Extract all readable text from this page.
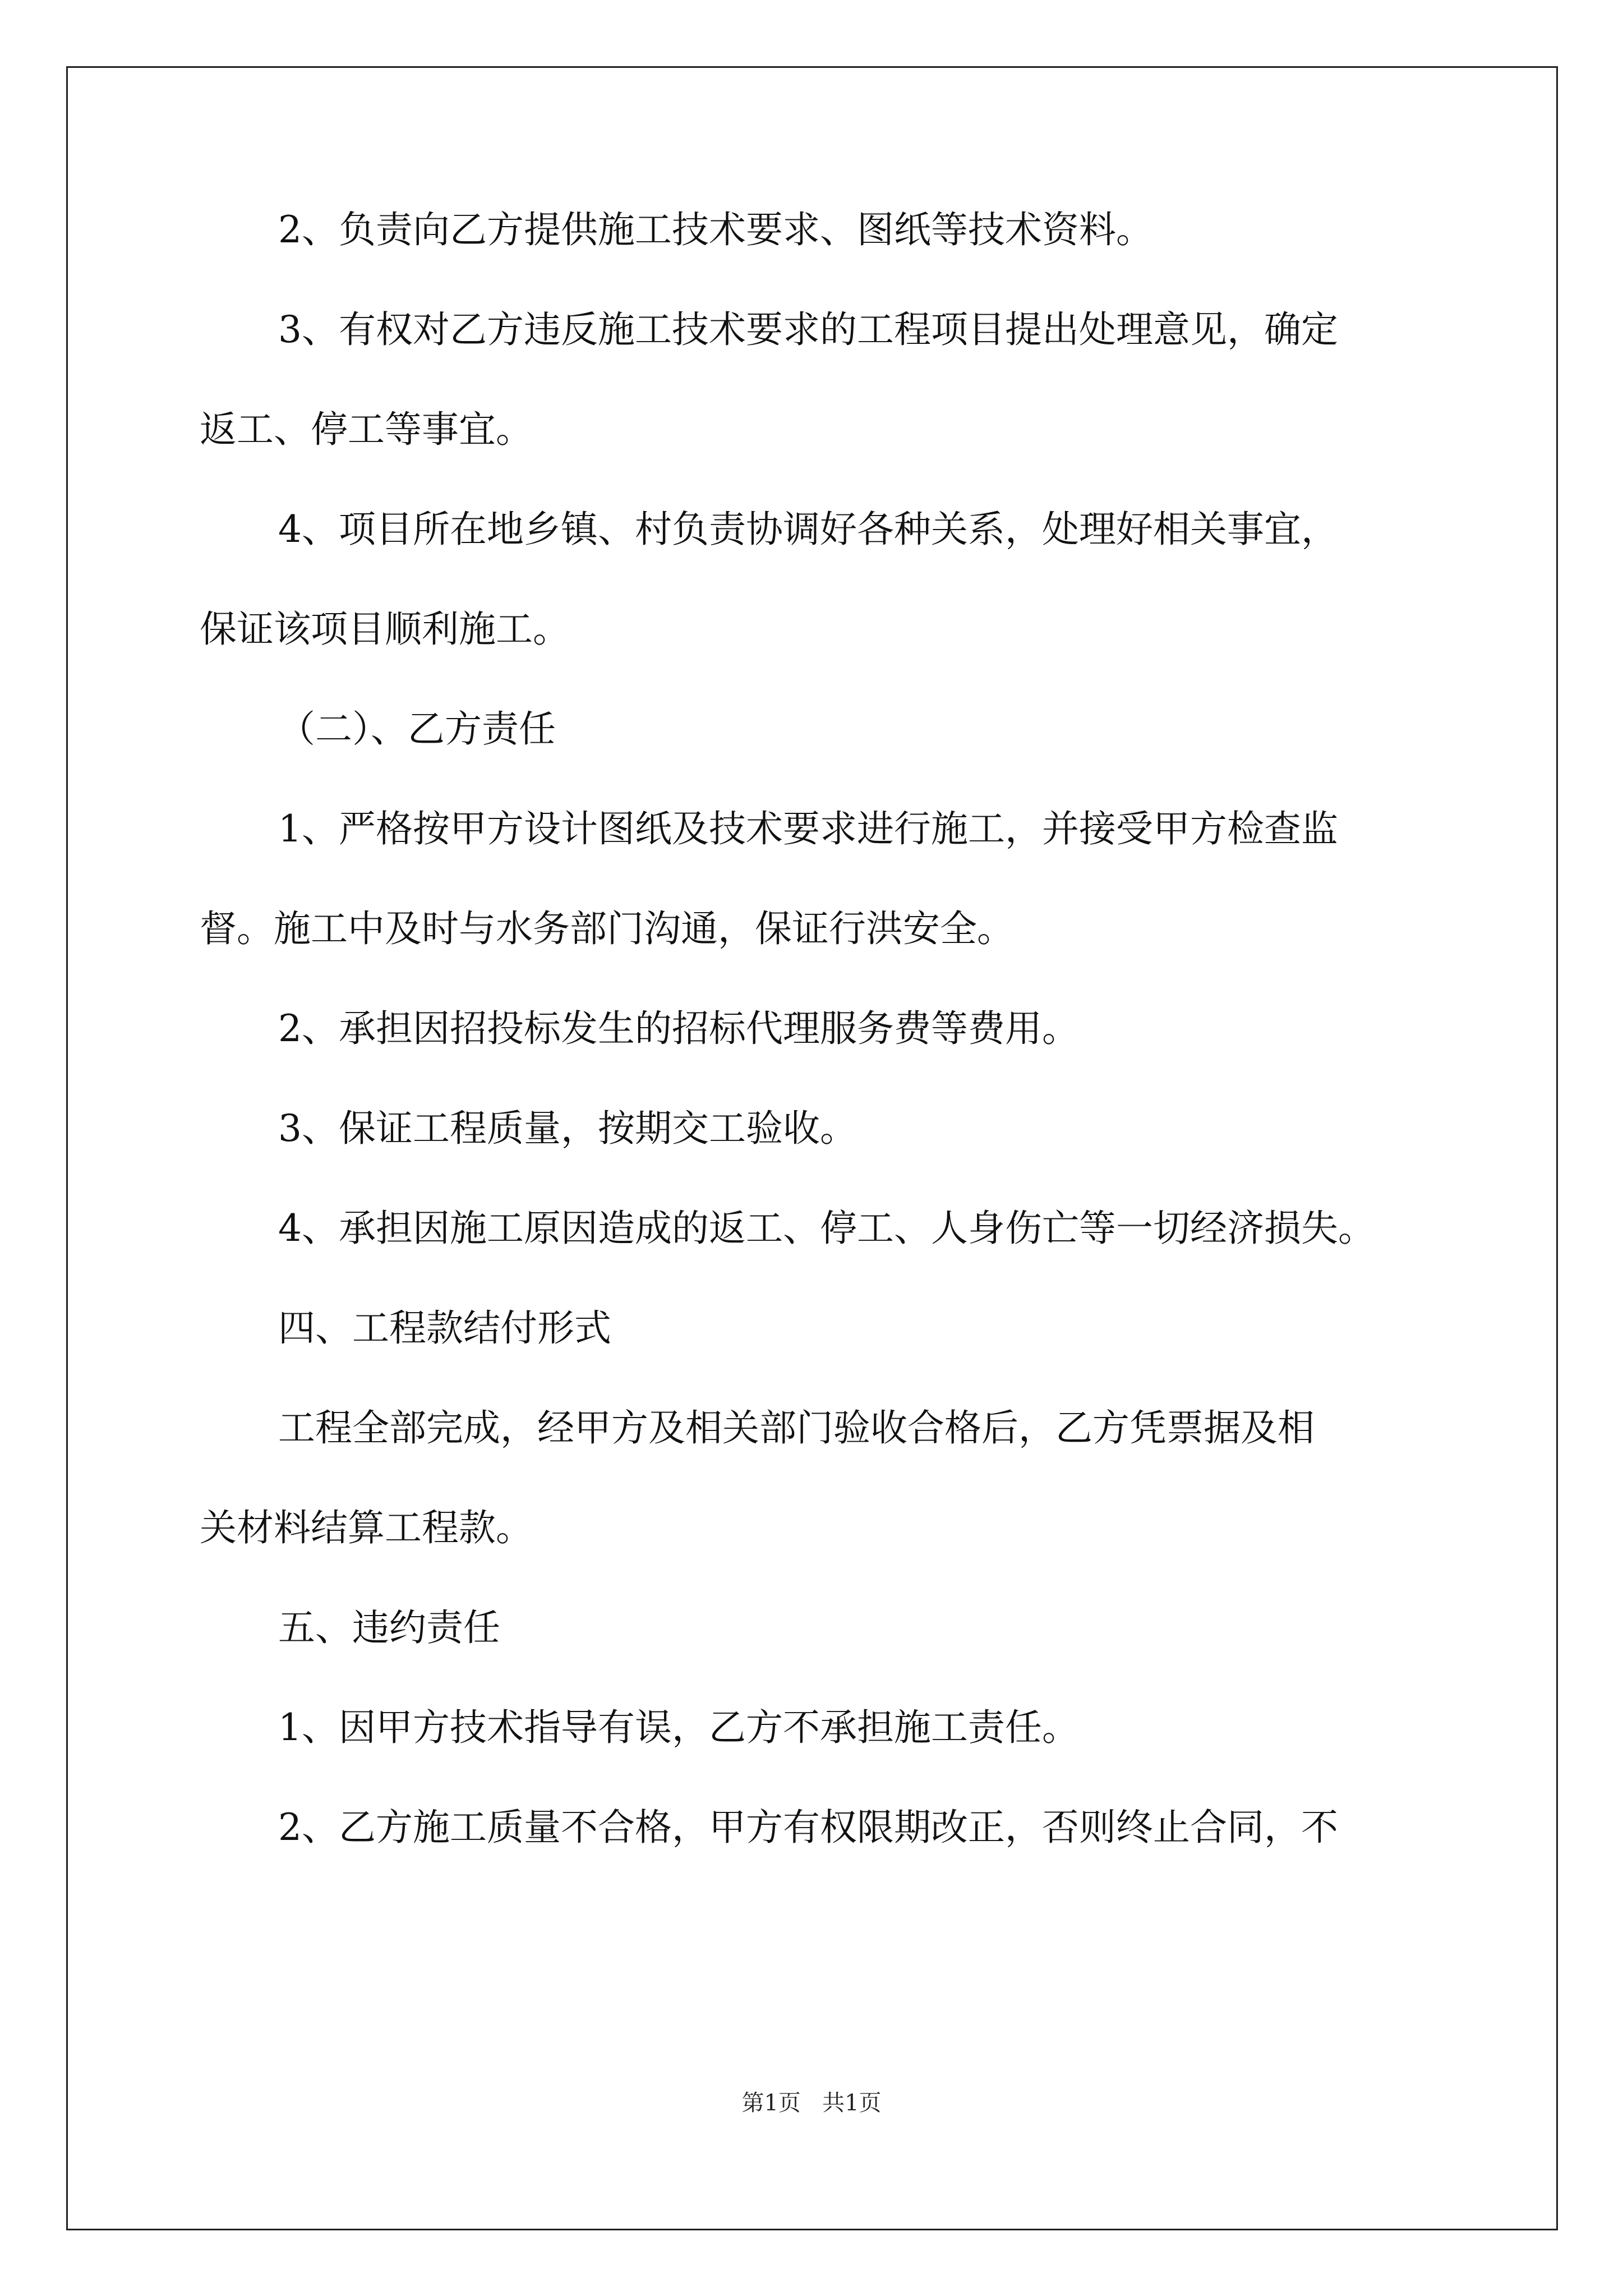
2、负责向乙方提供施工技术要求、图纸等技术资料。
3、有权对乙方违反施工技术要求的工程项目提出处理意见，确定
返工、停工等事宜。
4、项目所在地乡镇、村负责协调好各种关系，处理好相关事宜，
保证该项目顺利施工。
（二）、乙方责任
1、严格按甲方设计图纸及技术要求进行施工，并接受甲方检查监
督。施工中及时与水务部门沟通，保证行洪安全。
2、承担因招投标发生的招标代理服务费等费用。
3、保证工程质量，按期交工验收。
4、承担因施工原因造成的返工、停工、人身伤亡等一切经济损失。
四、工程款结付形式
工程全部完成，经甲方及相关部门验收合格后，乙方凭票据及相
关材料结算工程款。
五、违约责任
1、因甲方技术指导有误，乙方不承担施工责任。
2、乙方施工质量不合格，甲方有权限期改正，否则终止合同，不
第1页 共1页
